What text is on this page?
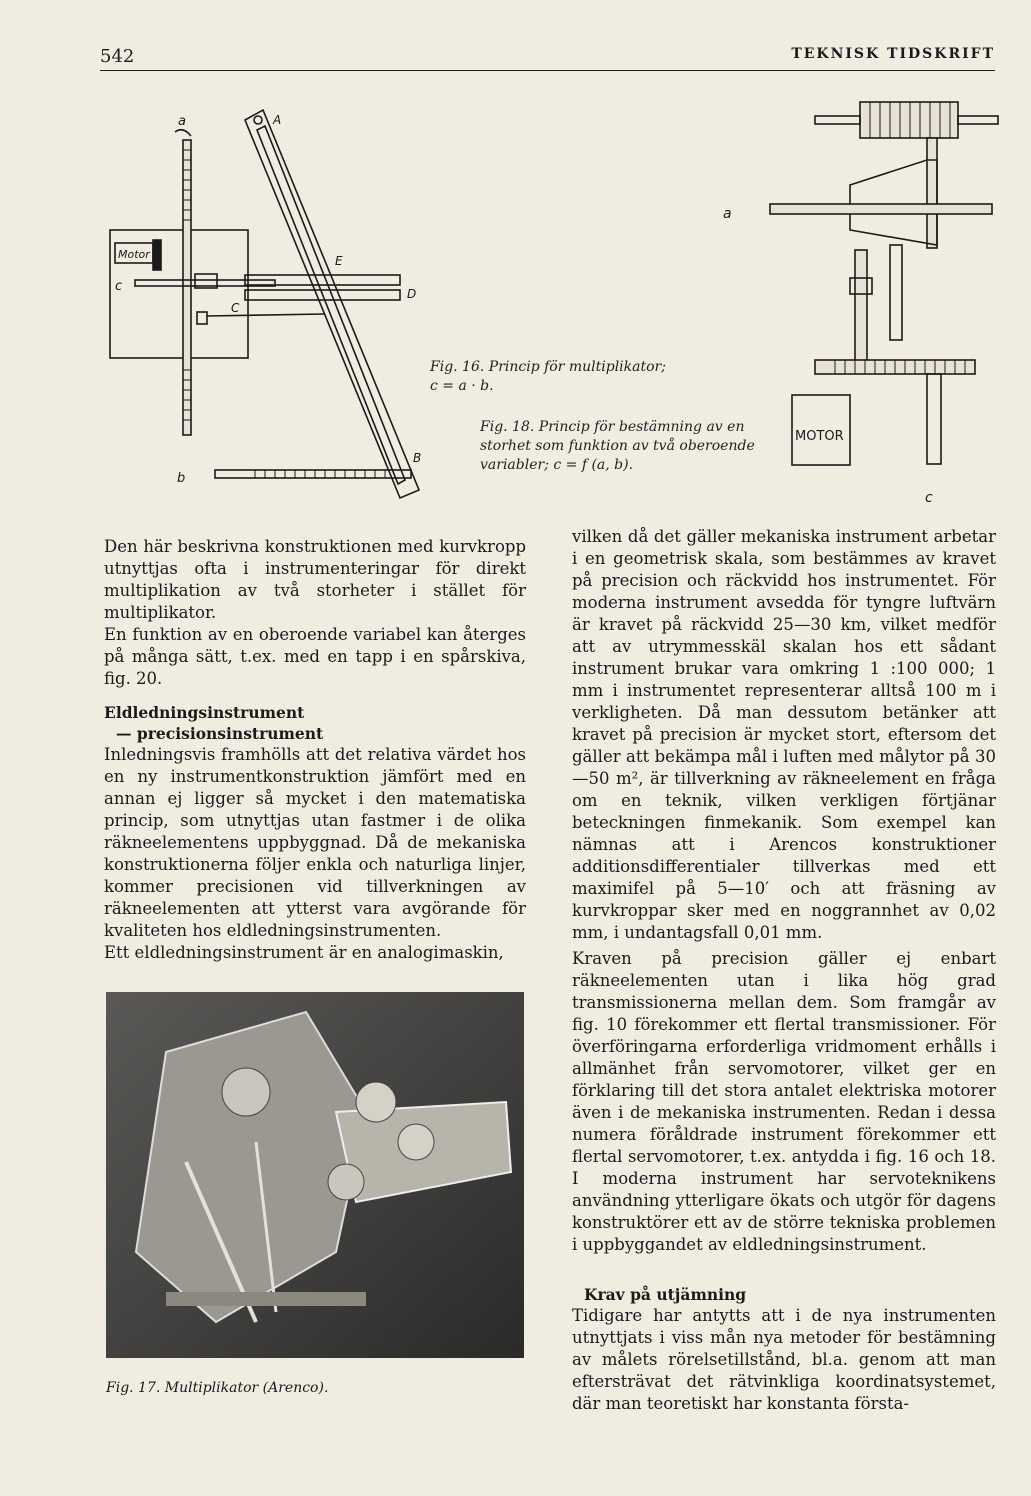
542	TEKNISK TIDSKRIFT
Motor
a	A
E
D
C
B
b
c
MOTOR
a
c
Fig. 16. Princip för multiplikator;
c = a · b.
Fig. 18. Princip för bestämning av en
storhet som funktion av två oberoende
variabler; c = f (a, b).

Den här beskrivna konstruktionen med kurvkropp utnyttjas ofta i instrumenteringar för direkt multiplikation av två storheter i stället för multiplikator.

En funktion av en oberoende variabel kan återges på många sätt, t.ex. med en tapp i en spårskiva, fig. 20.

Eldledningsinstrument
— precisionsinstrument

Inledningsvis framhölls att det relativa värdet hos en ny instrumentkonstruktion jämfört med en annan ej ligger så mycket i den matematiska princip, som utnyttjas utan fastmer i de olika räkneelementens uppbyggnad. Då de mekaniska konstruktionerna följer enkla och naturliga linjer, kommer precisionen vid tillverkningen av räkneelementen att ytterst vara avgörande för kvaliteten hos eldledningsinstrumenten.

Ett eldledningsinstrument är en analogimaskin,

Fig. 17. Multiplikator (Arenco).

vilken då det gäller mekaniska instrument arbetar i en geometrisk skala, som bestämmes av kravet på precision och räckvidd hos instrumentet. För moderna instrument avsedda för tyngre luftvärn är kravet på räckvidd 25—30 km, vilket medför att av utrymmesskäl skalan hos ett sådant instrument brukar vara omkring 1 :100 000; 1 mm i instrumentet representerar alltså 100 m i verkligheten. Då man dessutom betänker att kravet på precision är mycket stort, eftersom det gäller att bekämpa mål i luften med målytor på 30—50 m², är tillverkning av räkneelement en fråga om en teknik, vilken verkligen förtjänar beteckningen finmekanik. Som exempel kan nämnas att i Arencos konstruktioner additionsdifferentialer tillverkas med ett maximifel på 5—10′ och att fräsning av kurvkroppar sker med en noggrannhet av 0,02 mm, i undantagsfall 0,01 mm.

Kraven på precision gäller ej enbart räkneelementen utan i lika hög grad transmissionerna mellan dem. Som framgår av fig. 10 förekommer ett flertal transmissioner. För överföringarna erforderliga vridmoment erhålls i allmänhet från servomotorer, vilket ger en förklaring till det stora antalet elektriska motorer även i de mekaniska instrumenten. Redan i dessa numera föråldrade instrument förekommer ett flertal servomotorer, t.ex. antydda i fig. 16 och 18. I moderna instrument har servoteknikens användning ytterligare ökats och utgör för dagens konstruktörer ett av de större tekniska problemen i uppbyggandet av eldledningsinstrument.

Krav på utjämning

Tidigare har antytts att i de nya instrumenten utnyttjats i viss mån nya metoder för bestämning av målets rörelsetillstånd, bl.a. genom att man eftersträvat det rätvinkliga koordinatsystemet, där man teoretiskt har konstanta första-
